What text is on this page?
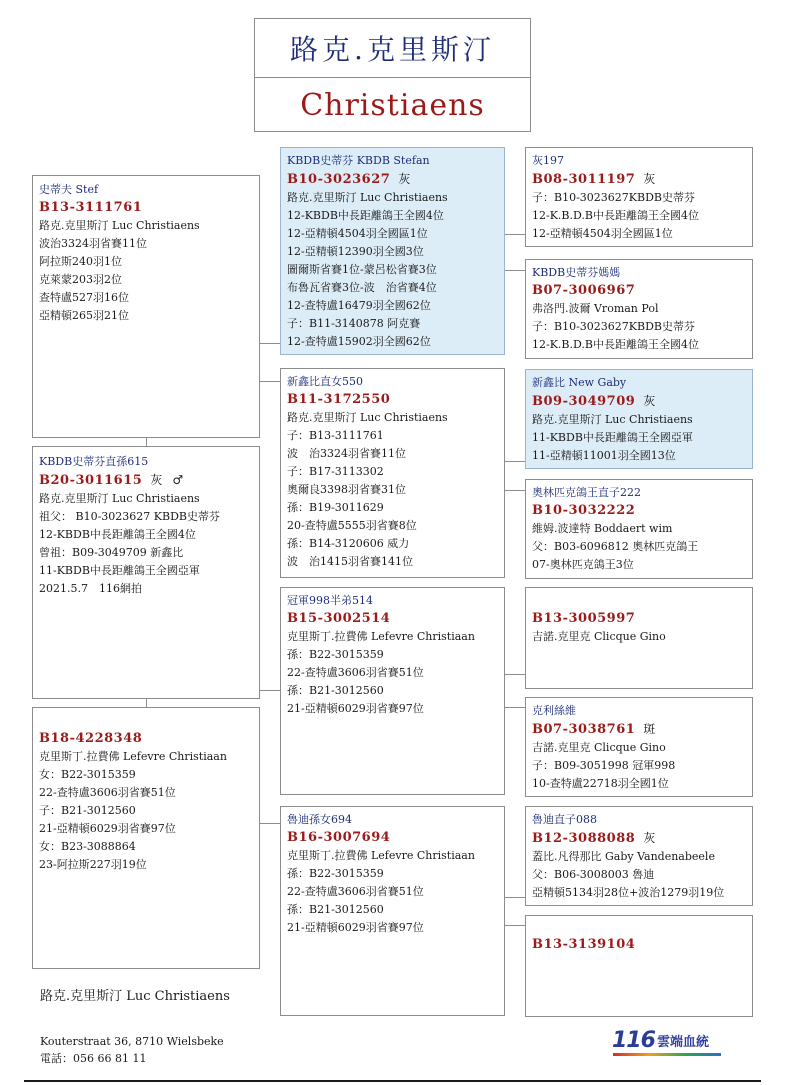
路克.克里斯汀
Christiaens
史蒂夫 Stef
B13-3111761
路克.克里斯汀 Luc Christiaens
波治3324羽省賽11位
阿拉斯240羽1位
克萊蒙203羽2位
查特盧527羽16位
亞精頓265羽21位
KBDB史蒂芬直孫615
B20-3011615 灰 ♂
路克.克里斯汀 Luc Christiaens
祖父： B10-3023627 KBDB史蒂芬
12-KBDB中長距離鴿王全國4位
曾祖：B09-3049709 新鑫比
11-KBDB中長距離鴿王全國亞軍
2021.5.7　116網拍
B18-4228348
克里斯丁.拉費佛 Lefevre Christiaan
女：B22-3015359
22-查特盧3606羽省賽51位
子：B21-3012560
21-亞精頓6029羽省賽97位
女：B23-3088864
23-阿拉斯227羽19位
KBDB史蒂芬 KBDB Stefan
B10-3023627 灰
路克.克里斯汀 Luc Christiaens
12-KBDB中長距離鴿王全國4位
12-亞精頓4504羽全國區1位
12-亞精頓12390羽全國3位
圖爾斯省賽1位-蒙呂松省賽3位
布魯瓦省賽3位-波　治省賽4位
12-查特盧16479羽全國62位
子：B11-3140878 阿克賽
12-查特盧15902羽全國62位
新鑫比直女550
B11-3172550
路克.克里斯汀 Luc Christiaens
子：B13-3111761
波　治3324羽省賽11位
子：B17-3113302
奧爾良3398羽省賽31位
孫：B19-3011629
20-查特盧5555羽省賽8位
孫：B14-3120606 威力
波　治1415羽省賽141位
冠軍998半弟514
B15-3002514
克里斯丁.拉費佛 Lefevre Christiaan
孫：B22-3015359
22-查特盧3606羽省賽51位
孫：B21-3012560
21-亞精頓6029羽省賽97位
魯迪孫女694
B16-3007694
克里斯丁.拉費佛 Lefevre Christiaan
孫：B22-3015359
22-查特盧3606羽省賽51位
孫：B21-3012560
21-亞精頓6029羽省賽97位
灰197
B08-3011197 灰
子：B10-3023627KBDB史蒂芬
12-K.B.D.B中長距離鴿王全國4位
12-亞精頓4504羽全國區1位
KBDB史蒂芬媽媽
B07-3006967
弗洛門.波爾 Vroman Pol
子：B10-3023627KBDB史蒂芬
12-K.B.D.B中長距離鴿王全國4位
新鑫比 New Gaby
B09-3049709 灰
路克.克里斯汀 Luc Christiaens
11-KBDB中長距離鴿王全國亞軍
11-亞精頓11001羽全國13位
奧林匹克鴿王直子222
B10-3032222
維姆.波達特 Boddaert wim
父：B03-6096812 奧林匹克鴿王
07-奧林匹克鴿王3位
B13-3005997
吉諾.克里克 Clicque Gino
克利絲維
B07-3038761 斑
吉諾.克里克 Clicque Gino
子：B09-3051998 冠軍998
10-查特盧22718羽全國1位
魯迪直子088
B12-3088088 灰
蓋比.凡得那比 Gaby Vandenabeele
父：B06-3008003 魯迪
亞精頓5134羽28位+波治1279羽19位
B13-3139104
路克.克里斯汀 Luc Christiaens
Kouterstraat 36, 8710 Wielsbeke
電話：056 66 81 11
116 雲端血統
